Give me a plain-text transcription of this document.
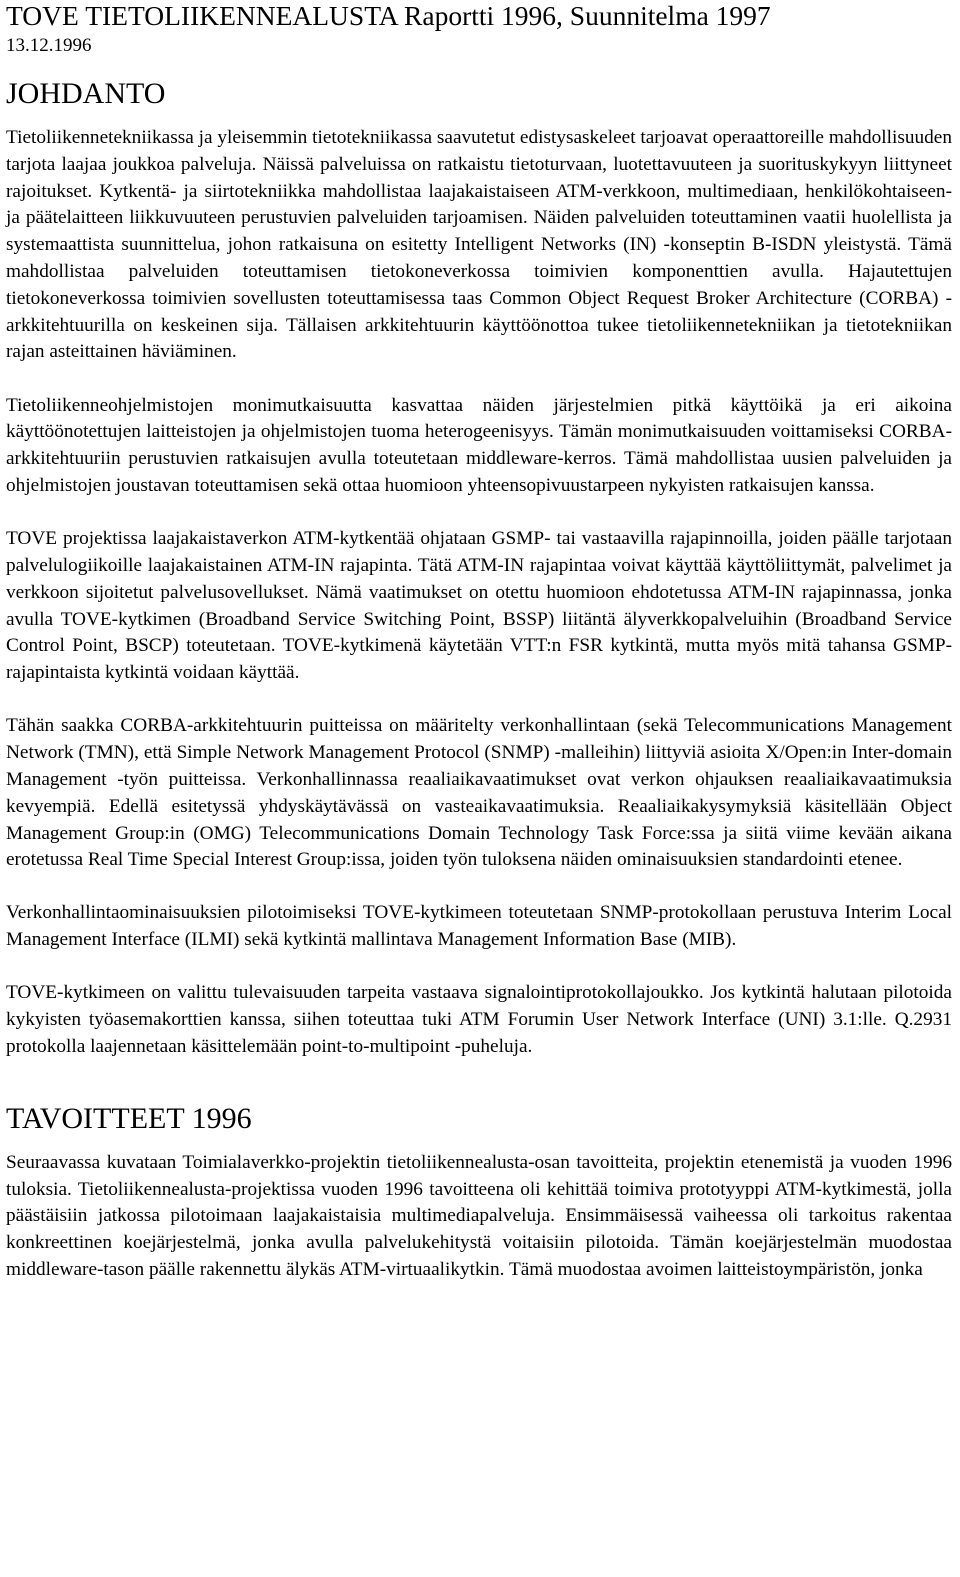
TOVE TIETOLIIKENNEALUSTA Raportti 1996, Suunnitelma 1997
13.12.1996
JOHDANTO

Tietoliikennetekniikassa ja yleisemmin tietotekniikassa saavutetut edistysaskeleet tarjoavat operaattoreille mahdollisuuden tarjota laajaa joukkoa palveluja. Näissä palveluissa on ratkaistu tietoturvaan, luotettavuuteen ja suorituskykyyn liittyneet rajoitukset. Kytkentä- ja siirtotekniikka mahdollistaa laajakaistaiseen ATM-verkkoon, multimediaan, henkilökohtaiseen- ja päätelaitteen liikkuvuuteen perustuvien palveluiden tarjoamisen. Näiden palveluiden toteuttaminen vaatii huolellista ja systemaattista suunnittelua, johon ratkaisuna on esitetty Intelligent Networks (IN) -konseptin B-ISDN yleistystä. Tämä mahdollistaa palveluiden toteuttamisen tietokoneverkossa toimivien komponenttien avulla. Hajautettujen tietokoneverkossa toimivien sovellusten toteuttamisessa taas Common Object Request Broker Architecture (CORBA) -arkkitehtuurilla on keskeinen sija. Tällaisen arkkitehtuurin käyttöönottoa tukee tietoliikennetekniikan ja tietotekniikan rajan asteittainen häviäminen.

Tietoliikenneohjelmistojen monimutkaisuutta kasvattaa näiden järjestelmien pitkä käyttöikä ja eri aikoina käyttöönotettujen laitteistojen ja ohjelmistojen tuoma heterogeenisyys. Tämän monimutkaisuuden voittamiseksi CORBA-arkkitehtuuriin perustuvien ratkaisujen avulla toteutetaan middleware-kerros. Tämä mahdollistaa uusien palveluiden ja ohjelmistojen joustavan toteuttamisen sekä ottaa huomioon yhteensopivuustarpeen nykyisten ratkaisujen kanssa.

TOVE projektissa laajakaistaverkon ATM-kytkentää ohjataan GSMP- tai vastaavilla rajapinnoilla, joiden päälle tarjotaan palvelulogiikoille laajakaistainen ATM-IN rajapinta. Tätä ATM-IN rajapintaa voivat käyttää käyttöliittymät, palvelimet ja verkkoon sijoitetut palvelusovellukset. Nämä vaatimukset on otettu huomioon ehdotetussa ATM-IN rajapinnassa, jonka avulla TOVE-kytkimen (Broadband Service Switching Point, BSSP) liitäntä älyverkkopalveluihin (Broadband Service Control Point, BSCP) toteutetaan. TOVE-kytkimenä käytetään VTT:n FSR kytkintä, mutta myös mitä tahansa GSMP-rajapintaista kytkintä voidaan käyttää.

Tähän saakka CORBA-arkkitehtuurin puitteissa on määritelty verkonhallintaan (sekä Telecommunications Management Network (TMN), että Simple Network Management Protocol (SNMP) -malleihin) liittyviä asioita X/Open:in Inter-domain Management -työn puitteissa. Verkonhallinnassa reaaliaikavaatimukset ovat verkon ohjauksen reaaliaikavaatimuksia kevyempiä. Edellä esitetyssä yhdyskäytävässä on vasteaikavaatimuksia. Reaaliaikakysymyksiä käsitellään Object Management Group:in (OMG) Telecommunications Domain Technology Task Force:ssa ja siitä viime kevään aikana erotetussa Real Time Special Interest Group:issa, joiden työn tuloksena näiden ominaisuuksien standardointi etenee.

Verkonhallintaominaisuuksien pilotoimiseksi TOVE-kytkimeen toteutetaan SNMP-protokollaan perustuva Interim Local Management Interface (ILMI) sekä kytkintä mallintava Management Information Base (MIB).

TOVE-kytkimeen on valittu tulevaisuuden tarpeita vastaava signalointiprotokollajoukko. Jos kytkintä halutaan pilotoida kykyisten työasemakorttien kanssa, siihen toteuttaa tuki ATM Forumin User Network Interface (UNI) 3.1:lle. Q.2931 protokolla laajennetaan käsittelemään point-to-multipoint -puheluja.

TAVOITTEET 1996

Seuraavassa kuvataan Toimialaverkko-projektin tietoliikennealusta-osan tavoitteita, projektin etenemistä ja vuoden 1996 tuloksia. Tietoliikennealusta-projektissa vuoden 1996 tavoitteena oli kehittää toimiva prototyyppi ATM-kytkimestä, jolla päästäisiin jatkossa pilotoimaan laajakaistaisia multimediapalveluja. Ensimmäisessä vaiheessa oli tarkoitus rakentaa konkreettinen koejärjestelmä, jonka avulla palvelukehitystä voitaisiin pilotoida. Tämän koejärjestelmän muodostaa middleware-tason päälle rakennettu älykäs ATM-virtuaalikytkin. Tämä muodostaa avoimen laitteistoympäristön, jonka
